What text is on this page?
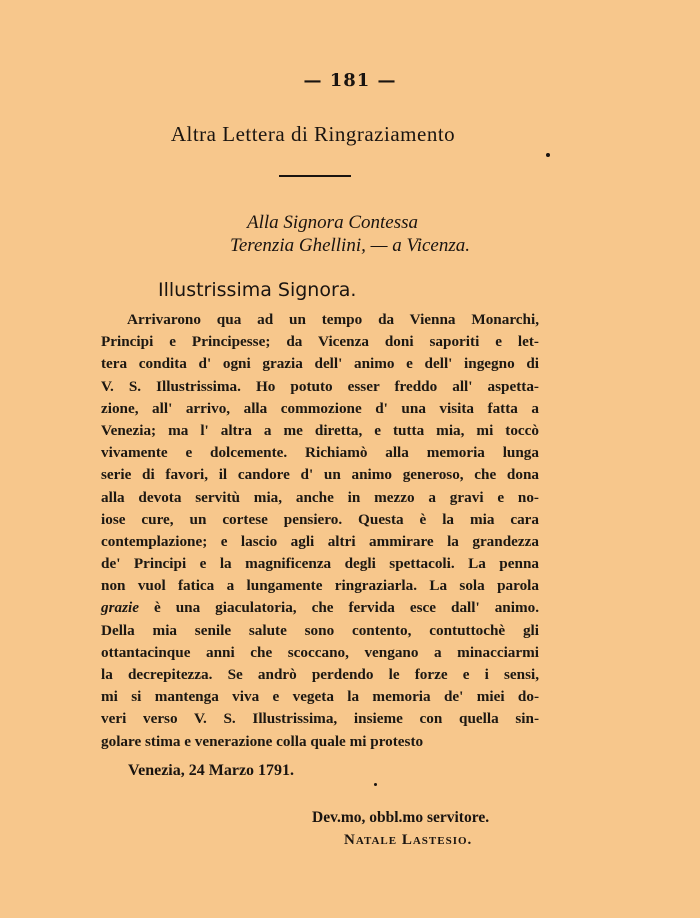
— 181 —
Altra Lettera di Ringraziamento
Alla Signora Contessa
Terenzia Ghellini, — a Vicenza.
Illustrissima Signora.
Arrivarono qua ad un tempo da Vienna Monarchi,
Principi e Principesse; da Vicenza doni saporiti e let-
tera condita d' ogni grazia dell' animo e dell' ingegno di
V. S. Illustrissima. Ho potuto esser freddo all' aspetta-
zione, all' arrivo, alla commozione d' una visita fatta a
Venezia; ma l' altra a me diretta, e tutta mia, mi toccò
vivamente e dolcemente. Richiamò alla memoria lunga
serie di favori, il candore d' un animo generoso, che dona
alla devota servitù mia, anche in mezzo a gravi e no-
iose cure, un cortese pensiero. Questa è la mia cara
contemplazione; e lascio agli altri ammirare la grandezza
de' Principi e la magnificenza degli spettacoli. La penna
non vuol fatica a lungamente ringraziarla. La sola parola
grazie è una giaculatoria, che fervida esce dall' animo.
Della mia senile salute sono contento, contuttochè gli
ottantacinque anni che scoccano, vengano a minacciarmi
la decrepitezza. Se andrò perdendo le forze e i sensi,
mi si mantenga viva e vegeta la memoria de' miei do-
veri verso V. S. Illustrissima, insieme con quella sin-
golare stima e venerazione colla quale mi protesto
Venezia, 24 Marzo 1791.
Dev.mo, obbl.mo servitore.
Natale Lastesio.
